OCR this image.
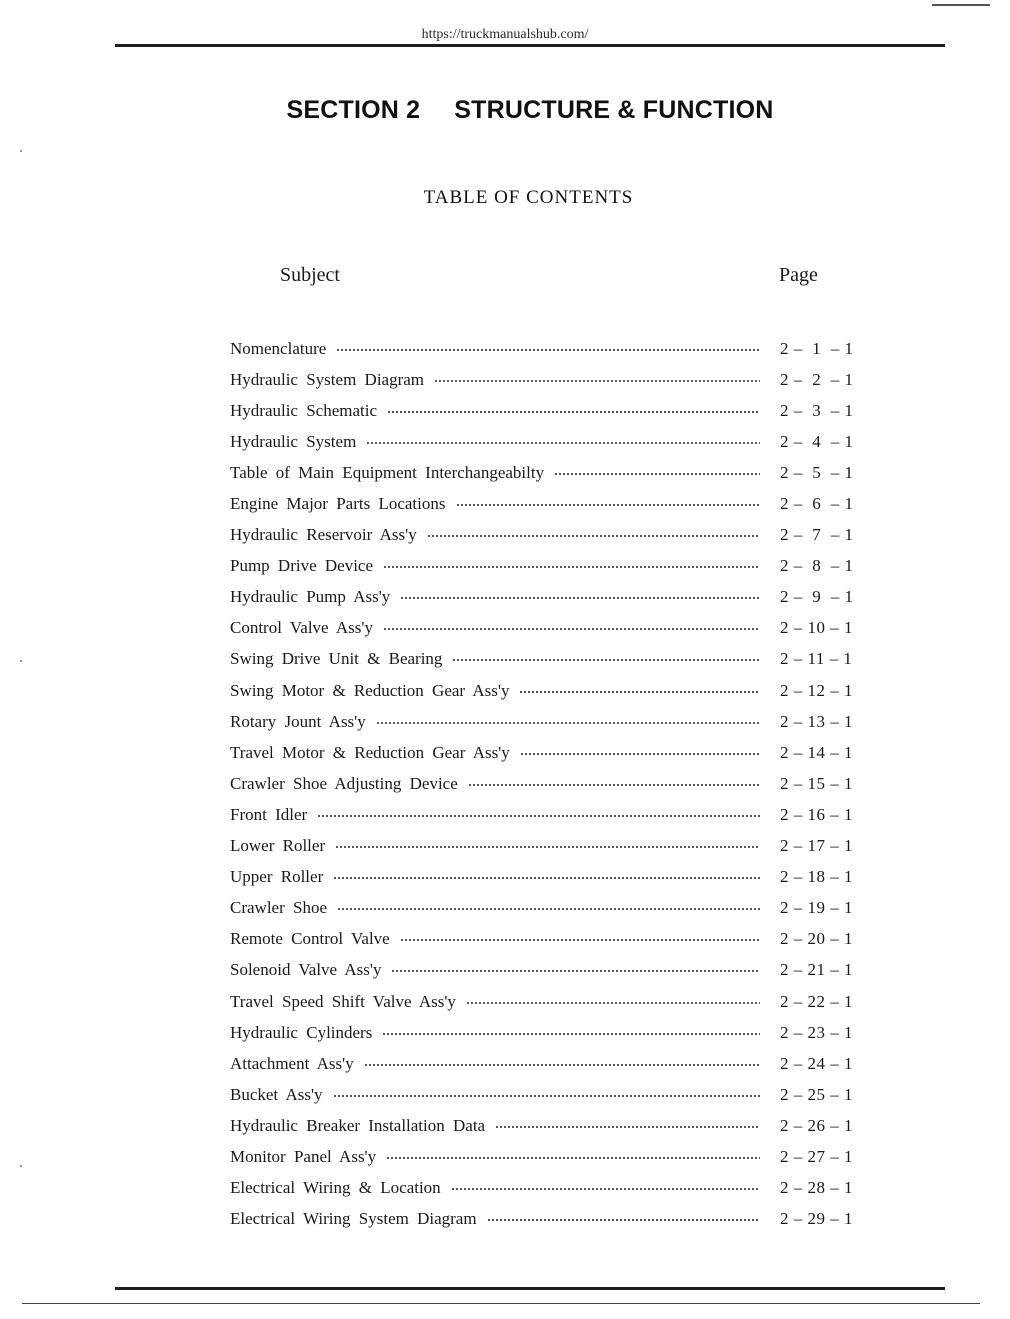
https://truckmanualshub.com/
SECTION 2 STRUCTURE & FUNCTION
TABLE OF CONTENTS
Subject	Page
Nomenclature	2 –  1  – 1
Hydraulic System Diagram	2 –  2  – 1
Hydraulic Schematic	2 –  3  – 1
Hydraulic System	2 –  4  – 1
Table of Main Equipment Interchangeabilty	2 –  5  – 1
Engine Major Parts Locations	2 –  6  – 1
Hydraulic Reservoir Ass'y	2 –  7  – 1
Pump Drive Device	2 –  8  – 1
Hydraulic Pump Ass'y	2 –  9  – 1
Control Valve Ass'y	2 – 10 – 1
Swing Drive Unit & Bearing	2 – 11 – 1
Swing Motor & Reduction Gear Ass'y	2 – 12 – 1
Rotary Jount Ass'y	2 – 13 – 1
Travel Motor & Reduction Gear Ass'y	2 – 14 – 1
Crawler Shoe Adjusting Device	2 – 15 – 1
Front Idler	2 – 16 – 1
Lower Roller	2 – 17 – 1
Upper Roller	2 – 18 – 1
Crawler Shoe	2 – 19 – 1
Remote Control Valve	2 – 20 – 1
Solenoid Valve Ass'y	2 – 21 – 1
Travel Speed Shift Valve Ass'y	2 – 22 – 1
Hydraulic Cylinders	2 – 23 – 1
Attachment Ass'y	2 – 24 – 1
Bucket Ass'y	2 – 25 – 1
Hydraulic Breaker Installation Data	2 – 26 – 1
Monitor Panel Ass'y	2 – 27 – 1
Electrical Wiring & Location	2 – 28 – 1
Electrical Wiring System Diagram	2 – 29 – 1
